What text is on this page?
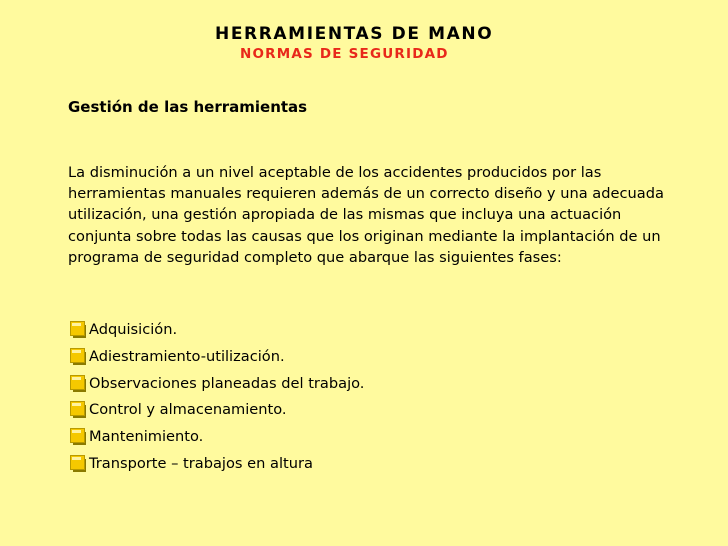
HERRAMIENTAS DE MANO
NORMAS DE SEGURIDAD
Gestión de las herramientas

La disminución a un nivel aceptable de los accidentes producidos por las herramientas manuales requieren además de un correcto diseño y una adecuada utilización, una gestión apropiada de las mismas que incluya una actuación conjunta sobre todas las causas que los originan mediante la implantación de un programa de seguridad completo que abarque las siguientes fases:

Adquisición.
Adiestramiento-utilización.
Observaciones planeadas del trabajo.
Control y almacenamiento.
Mantenimiento.
Transporte – trabajos en altura
